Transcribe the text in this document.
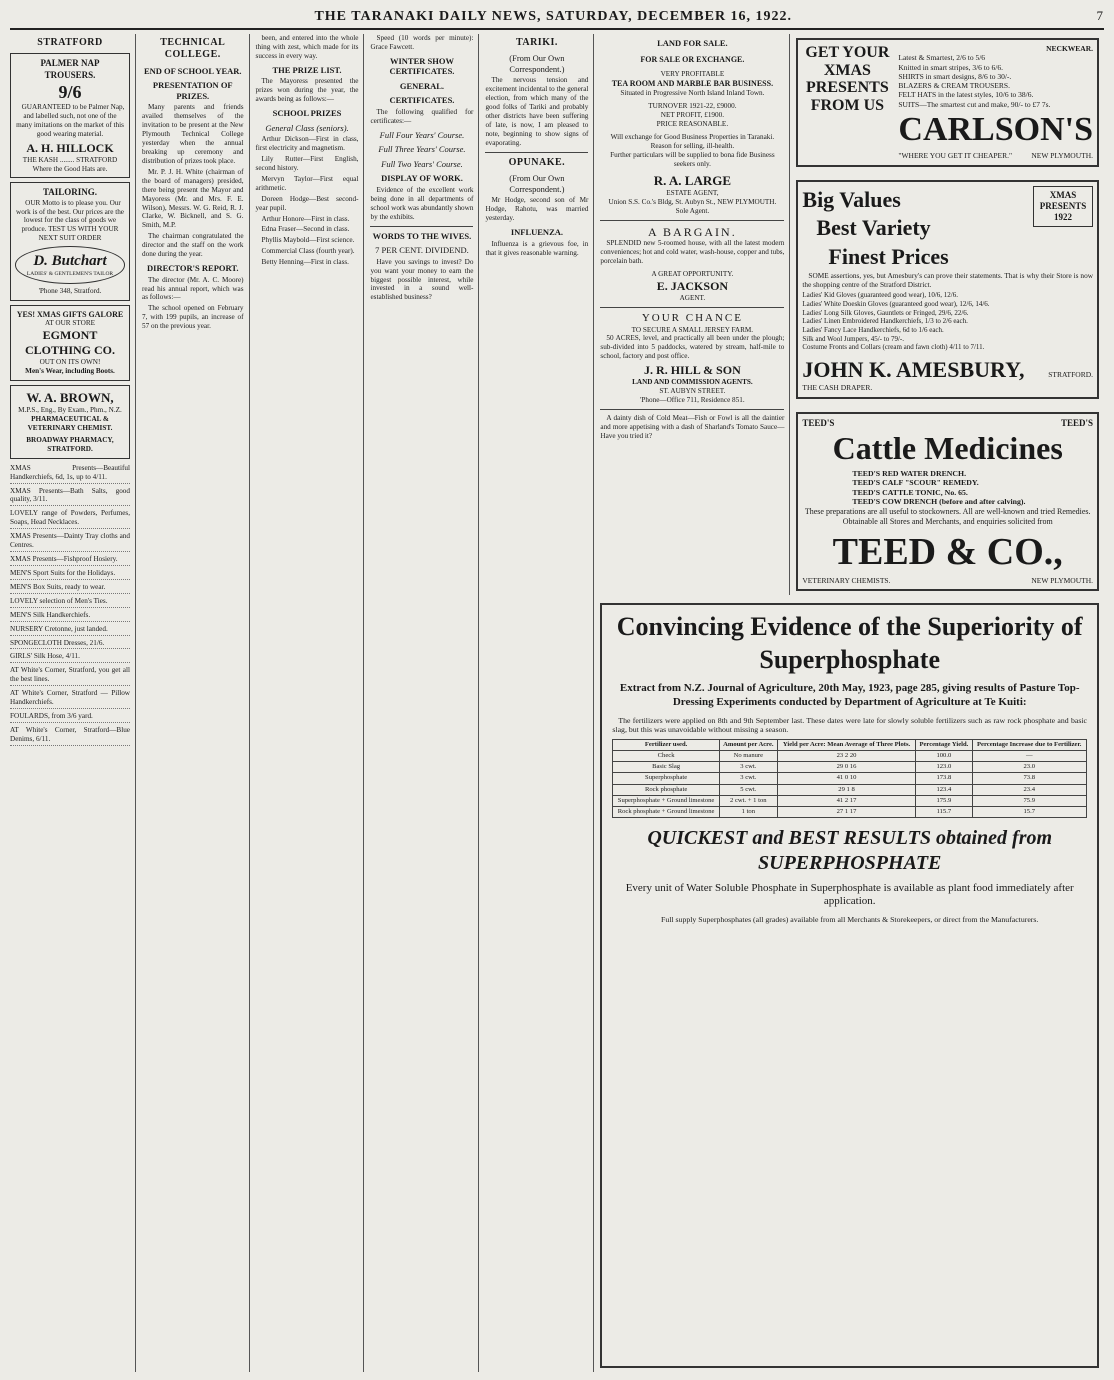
THE TARANAKI DAILY NEWS, SATURDAY, DECEMBER 16, 1922.	7
STRATFORD
PALMER NAP TROUSERS.
9/6

GUARANTEED to be Palmer Nap, and labelled such, not one of the many imitations on the market of this good wearing material.

A. H. HILLOCK
THE KASH ........ STRATFORD
Where the Good Hats are.
TAILORING.

OUR Motto is to please you. Our work is of the best. Our prices are the lowest for the class of goods we produce. TEST US WITH YOUR NEXT SUIT ORDER

D. Butchart
LADIES' & GENTLEMEN'S TAILOR
'Phone 348, Stratford.
YES! XMAS GIFTS GALORE
AT OUR STORE
EGMONT CLOTHING CO.
OUT ON ITS OWN!
Men's Wear, including Boots.
W. A. BROWN,
M.P.S., Eng., By Exam., Phm., N.Z.
PHARMACEUTICAL & VETERINARY CHEMIST.
BROADWAY PHARMACY, STRATFORD.

XMAS Presents—Beautiful Handkerchiefs, 6d, 1s, up to 4/11.

XMAS Presents—Bath Salts, good quality, 3/11.

LOVELY range of Powders, Perfumes, Soaps, Head Necklaces.

XMAS Presents—Dainty Tray cloths and Centres.

XMAS Presents—Fishproof Hosiery.

MEN'S Sport Suits for the Holidays.

MEN'S Box Suits, ready to wear.

LOVELY selection of Men's Ties.

MEN'S Silk Handkerchiefs.

NURSERY Cretonne, just landed.

SPONGECLOTH Dresses, 21/6.

GIRLS' Silk Hose, 4/11.

AT White's Corner, Stratford, you get all the best lines.

AT White's Corner, Stratford — Pillow Handkerchiefs.

FOULARDS, from 3/6 yard.

AT White's Corner, Stratford—Blue Denims, 6/11.

TECHNICAL COLLEGE.
END OF SCHOOL YEAR.
PRESENTATION OF PRIZES.

Many parents and friends availed themselves of the invitation to be present at the New Plymouth Technical College yesterday when the annual breaking up ceremony and distribution of prizes took place.

Mr. P. J. H. White (chairman of the board of managers) presided, there being present the Mayor and Mayoress (Mr. and Mrs. F. E. Wilson), Messrs. W. G. Reid, R. J. Clarke, W. Bicknell, and S. G. Smith, M.P.

The chairman congratulated the director and the staff on the work done during the year.

DIRECTOR'S REPORT.

The director (Mr. A. C. Moore) read his annual report, which was as follows:—

The school opened on February 7, with 199 pupils, an increase of 57 on the previous year.

been, and entered into the whole thing with zest, which made for its success in every way.

THE PRIZE LIST.

The Mayoress presented the prizes won during the year, the awards being as follows:—

SCHOOL PRIZES
General Class (seniors).

Arthur Dickson—First in class, first electricity and magnetism.

Lily Rutter—First English, second history.

Mervyn Taylor—First equal arithmetic.

Doreen Hodge—Best second-year pupil.

Arthur Honore—First in class.

Edna Fraser—Second in class.

Phyllis Maybold—First science.

Commercial Class (fourth year).

Betty Henning—First in class.

Speed (10 words per minute): Grace Fawcett.

WINTER SHOW CERTIFICATES.
GENERAL.
CERTIFICATES.

The following qualified for certificates:—

Full Four Years' Course.
Full Three Years' Course.
Full Two Years' Course.
DISPLAY OF WORK.

Evidence of the excellent work being done in all departments of school work was abundantly shown by the exhibits.

WORDS TO THE WIVES.
7 PER CENT. DIVIDEND.

Have you savings to invest? Do you want your money to earn the biggest possible interest, while invested in a sound well-established business?

TARIKI.
(From Our Own Correspondent.)

The nervous tension and excitement incidental to the general election, from which many of the good folks of Tariki and probably other districts have been suffering of late, is now, I am pleased to note, beginning to show signs of evaporating.

OPUNAKE.
(From Our Own Correspondent.)

Mr Hodge, second son of Mr Hodge, Rahotu, was married yesterday.

INFLUENZA.

Influenza is a grievous foe, in that it gives reasonable warning.

LAND FOR SALE.
FOR SALE OR EXCHANGE.
VERY PROFITABLE
TEA ROOM AND MARBLE BAR BUSINESS.
Situated in Progressive North Island Inland Town.
TURNOVER 1921-22, £9000.
NET PROFIT, £1900.
PRICE REASONABLE.
Will exchange for Good Business Properties in Taranaki.
Reason for selling, ill-health.
Further particulars will be supplied to bona fide Business seekers only.
R. A. LARGE
ESTATE AGENT,
Union S.S. Co.'s Bldg, St. Aubyn St., NEW PLYMOUTH.
Sole Agent.
A BARGAIN.

SPLENDID new 5-roomed house, with all the latest modern conveniences; hot and cold water, wash-house, copper and tubs, porcelain bath.

A GREAT OPPORTUNITY.
E. JACKSON
AGENT.
YOUR CHANCE
TO SECURE A SMALL JERSEY FARM.

50 ACRES, level, and practically all been under the plough; sub-divided into 5 paddocks, watered by stream, half-mile to school, factory and post office.

J. R. HILL & SON
LAND AND COMMISSION AGENTS.
ST. AUBYN STREET.
'Phone—Office 711, Residence 851.

A dainty dish of Cold Meat—Fish or Fowl is all the daintier and more appetising with a dash of Sharland's Tomato Sauce—Have you tried it?

GET YOUR XMAS PRESENTS FROM US
NECKWEAR.
Latest & Smartest, 2/6 to 5/6
Knitted in smart stripes, 3/6 to 6/6.
SHIRTS in smart designs, 8/6 to 30/-.
BLAZERS & CREAM TROUSERS.
FELT HATS in the latest styles, 10/6 to 38/6.
SUITS—The smartest cut and make, 90/- to £7 7s.
CARLSON'S
"WHERE YOU GET IT CHEAPER."	NEW PLYMOUTH.
Big Values
Best Variety
Finest Prices
XMAS PRESENTS 1922

SOME assertions, yes, but Amesbury's can prove their statements. That is why their Store is now the shopping centre of the Stratford District.

Ladies' Kid Gloves (guaranteed good wear), 10/6, 12/6.
Ladies' White Doeskin Gloves (guaranteed good wear), 12/6, 14/6.
Ladies' Long Silk Gloves, Gauntlets or Fringed, 29/6, 22/6.
Ladies' Linen Embroidered Handkerchiefs, 1/3 to 2/6 each.
Ladies' Fancy Lace Handkerchiefs, 6d to 1/6 each.
Silk and Wool Jumpers, 45/- to 79/-.
Costume Fronts and Collars (cream and fawn cloth) 4/11 to 7/11.
JOHN K. AMESBURY,	STRATFORD.
THE CASH DRAPER.
TEED'S	TEED'S
Cattle Medicines
TEED'S RED WATER DRENCH.
TEED'S CALF "SCOUR" REMEDY.
TEED'S CATTLE TONIC, No. 65.
TEED'S COW DRENCH (before and after calving).

These preparations are all useful to stockowners. All are well-known and tried Remedies. Obtainable all Stores and Merchants, and enquiries solicited from

TEED & CO.,
VETERINARY CHEMISTS.	NEW PLYMOUTH.
Convincing Evidence of the Superiority of Superphosphate
Extract from N.Z. Journal of Agriculture, 20th May, 1923, page 285, giving results of Pasture Top-Dressing Experiments conducted by Department of Agriculture at Te Kuiti:

The fertilizers were applied on 8th and 9th September last. These dates were late for slowly soluble fertilizers such as raw rock phosphate and basic slag, but this was unavoidable without missing a season.

Fertilizer used.	Amount per Acre.	Yield per Acre: Mean Average of Three Plots.	Percentage Yield.	Percentage Increase due to Fertilizer.
Check	No manure	23 2 20	100.0	—
Basic Slag	3 cwt.	29 0 16	123.0	23.0
Superphosphate	3 cwt.	41 0 10	173.8	73.8
Rock phosphate	5 cwt.	29 1 8	123.4	23.4
Superphosphate + Ground limestone	2 cwt. + 1 ton	41 2 17	175.9	75.9
Rock phosphate + Ground limestone	1 ton	27 1 17	115.7	15.7
QUICKEST and BEST RESULTS obtained from SUPERPHOSPHATE
Every unit of Water Soluble Phosphate in Superphosphate is available as plant food immediately after application.
Full supply Superphosphates (all grades) available from all Merchants & Storekeepers, or direct from the Manufacturers.
